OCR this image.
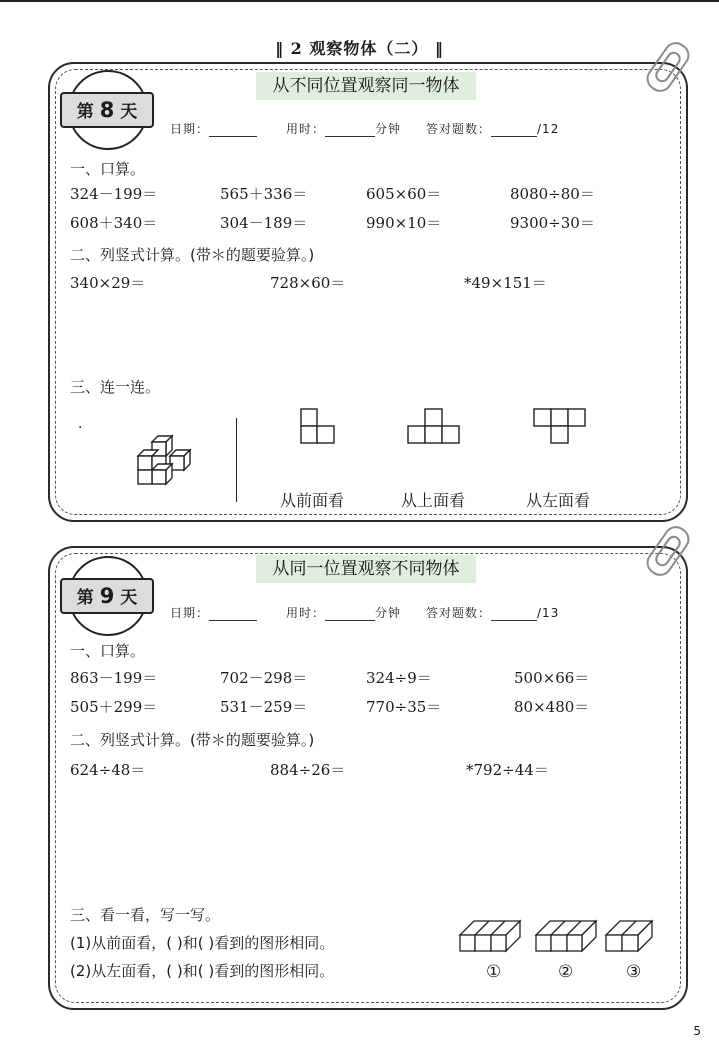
‖ 2 观察物体（二） ‖
从不同位置观察同一物体
第 8 天
日期：	用时：	分钟 答对题数：	/12
一、口算。
324－199＝	565＋336＝	605×60＝	8080÷80＝
608＋340＝	304－189＝	990×10＝	9300÷30＝
二、列竖式计算。(带＊的题要验算。)
340×29＝	728×60＝	*49×151＝
三、连一连。
·
从前面看	从上面看	从左面看
从同一位置观察不同物体
第 9 天
日期：	用时：	分钟 答对题数：	/13
一、口算。
863－199＝	702－298＝	324÷9＝	500×66＝
505＋299＝	531－259＝	770÷35＝	80×480＝
二、列竖式计算。(带＊的题要验算。)
624÷48＝	884÷26＝	*792÷44＝
三、看一看，写一写。
(1)从前面看，( )和( )看到的图形相同。
(2)从左面看，( )和( )看到的图形相同。	①	②	③
5
